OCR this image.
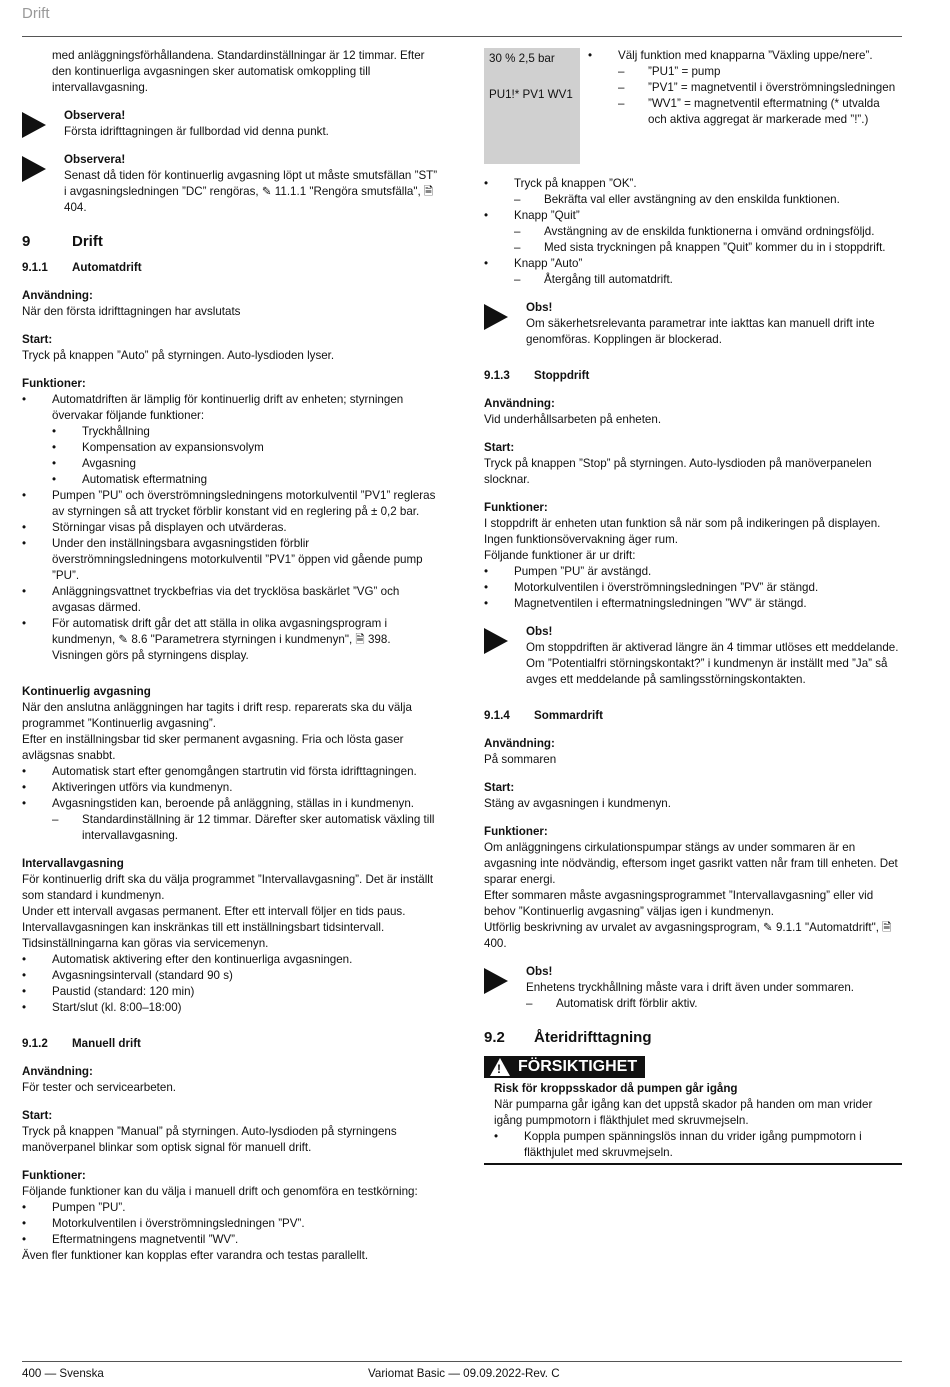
Drift

med anläggningsförhållandena. Standardinställningar är 12 timmar. Efter den kontinuerliga avgasningen sker automatisk omkoppling till intervallavgasning.

Observera!

Första idrifttagningen är fullbordad vid denna punkt.

Observera!

Senast då tiden för kontinuerlig avgasning löpt ut måste smutsfällan ”ST” i avgasningsledningen ”DC” rengöras, ✎ 11.1.1 "Rengöra smutsfälla", 🗎 404.

9	Drift
9.1.1	Automatdrift

Användning:

När den första idrifttagningen har avslutats

Start:

Tryck på knappen ”Auto” på styrningen. Auto-lysdioden lyser.

Funktioner:

• Automatdriften är lämplig för kontinuerlig drift av enheten; styrningen övervakar följande funktioner:
• Tryckhållning
• Kompensation av expansionsvolym
• Avgasning
• Automatisk eftermatning
• Pumpen ”PU” och överströmningsledningens motorkulventil ”PV1” regleras av styrningen så att trycket förblir konstant vid en reglering på ± 0,2 bar.
• Störningar visas på displayen och utvärderas.
• Under den inställningsbara avgasningstiden förblir överströmningsledningens motorkulventil ”PV1” öppen vid gående pump ”PU”.
• Anläggningsvattnet tryckbefrias via det trycklösa baskärlet ”VG” och avgasas därmed.
• För automatisk drift går det att ställa in olika avgasningsprogram i kundmenyn, ✎ 8.6 "Parametrera styrningen i kundmenyn", 🗎 398. Visningen görs på styrningens display.

Kontinuerlig avgasning

När den anslutna anläggningen har tagits i drift resp. reparerats ska du välja programmet ”Kontinuerlig avgasning”.

Efter en inställningsbar tid sker permanent avgasning. Fria och lösta gaser avlägsnas snabbt.

• Automatisk start efter genomgången startrutin vid första idrifttagningen.
• Aktiveringen utförs via kundmenyn.
• Avgasningstiden kan, beroende på anläggning, ställas in i kundmenyn.
– Standardinställning är 12 timmar. Därefter sker automatisk växling till intervallavgasning.

Intervallavgasning

För kontinuerlig drift ska du välja programmet ”Intervallavgasning”. Det är inställt som standard i kundmenyn.

Under ett intervall avgasas permanent. Efter ett intervall följer en tids paus. Intervallavgasningen kan inskränkas till ett inställningsbart tidsintervall. Tidsinställningarna kan göras via servicemenyn.

• Automatisk aktivering efter den kontinuerliga avgasningen.
• Avgasningsintervall (standard 90 s)
• Paustid (standard: 120 min)
• Start/slut (kl. 8:00–18:00)
9.1.2	Manuell drift

Användning:

För tester och servicearbeten.

Start:

Tryck på knappen ”Manual” på styrningen. Auto-lysdioden på styrningens manöverpanel blinkar som optisk signal för manuell drift.

Funktioner:

Följande funktioner kan du välja i manuell drift och genomföra en testkörning:

• Pumpen ”PU”.
• Motorkulventilen i överströmningsledningen ”PV”.
• Eftermatningens magnetventil ”WV”.

Även fler funktioner kan kopplas efter varandra och testas parallellt.

30 % 2,5 bar

PU1!* PV1 WV1

• Välj funktion med knapparna ”Växling uppe/nere”.
– ”PU1” = pump
– ”PV1” = magnetventil i överströmningsledningen
– ”WV1” = magnetventil eftermatning (* utvalda och aktiva aggregat är markerade med ”!”.)
• Tryck på knappen ”OK”.
– Bekräfta val eller avstängning av den enskilda funktionen.
• Knapp ”Quit”
– Avstängning av de enskilda funktionerna i omvänd ordningsföljd.
– Med sista tryckningen på knappen ”Quit” kommer du in i stoppdrift.
• Knapp ”Auto”
– Återgång till automatdrift.

Obs!

Om säkerhetsrelevanta parametrar inte iakttas kan manuell drift inte genomföras. Kopplingen är blockerad.

9.1.3	Stoppdrift

Användning:

Vid underhållsarbeten på enheten.

Start:

Tryck på knappen ”Stop” på styrningen. Auto-lysdioden på manöverpanelen slocknar.

Funktioner:

I stoppdrift är enheten utan funktion så när som på indikeringen på displayen. Ingen funktionsövervakning äger rum.

Följande funktioner är ur drift:

• Pumpen ”PU” är avstängd.
• Motorkulventilen i överströmningsledningen ”PV” är stängd.
• Magnetventilen i eftermatningsledningen ”WV” är stängd.

Obs!

Om stoppdriften är aktiverad längre än 4 timmar utlöses ett meddelande.

Om ”Potentialfri störningskontakt?” i kundmenyn är inställt med ”Ja” så avges ett meddelande på samlingsstörningskontakten.

9.1.4	Sommardrift

Användning:

På sommaren

Start:

Stäng av avgasningen i kundmenyn.

Funktioner:

Om anläggningens cirkulationspumpar stängs av under sommaren är en avgasning inte nödvändig, eftersom inget gasrikt vatten når fram till enheten. Det sparar energi.

Efter sommaren måste avgasningsprogrammet ”Intervallavgasning” eller vid behov ”Kontinuerlig avgasning” väljas igen i kundmenyn.

Utförlig beskrivning av urvalet av avgasningsprogram, ✎ 9.1.1 "Automatdrift", 🗎 400.

Obs!

Enhetens tryckhållning måste vara i drift även under sommaren.

– Automatisk drift förblir aktiv.
9.2	Återidrifttagning
! FÖRSIKTIGHET

Risk för kroppsskador då pumpen går igång

När pumparna går igång kan det uppstå skador på handen om man vrider igång pumpmotorn i fläkthjulet med skruvmejseln.

• Koppla pumpen spänningslös innan du vrider igång pumpmotorn i fläkthjulet med skruvmejseln.
400 — Svenska	Variomat Basic — 09.09.2022-Rev. C
